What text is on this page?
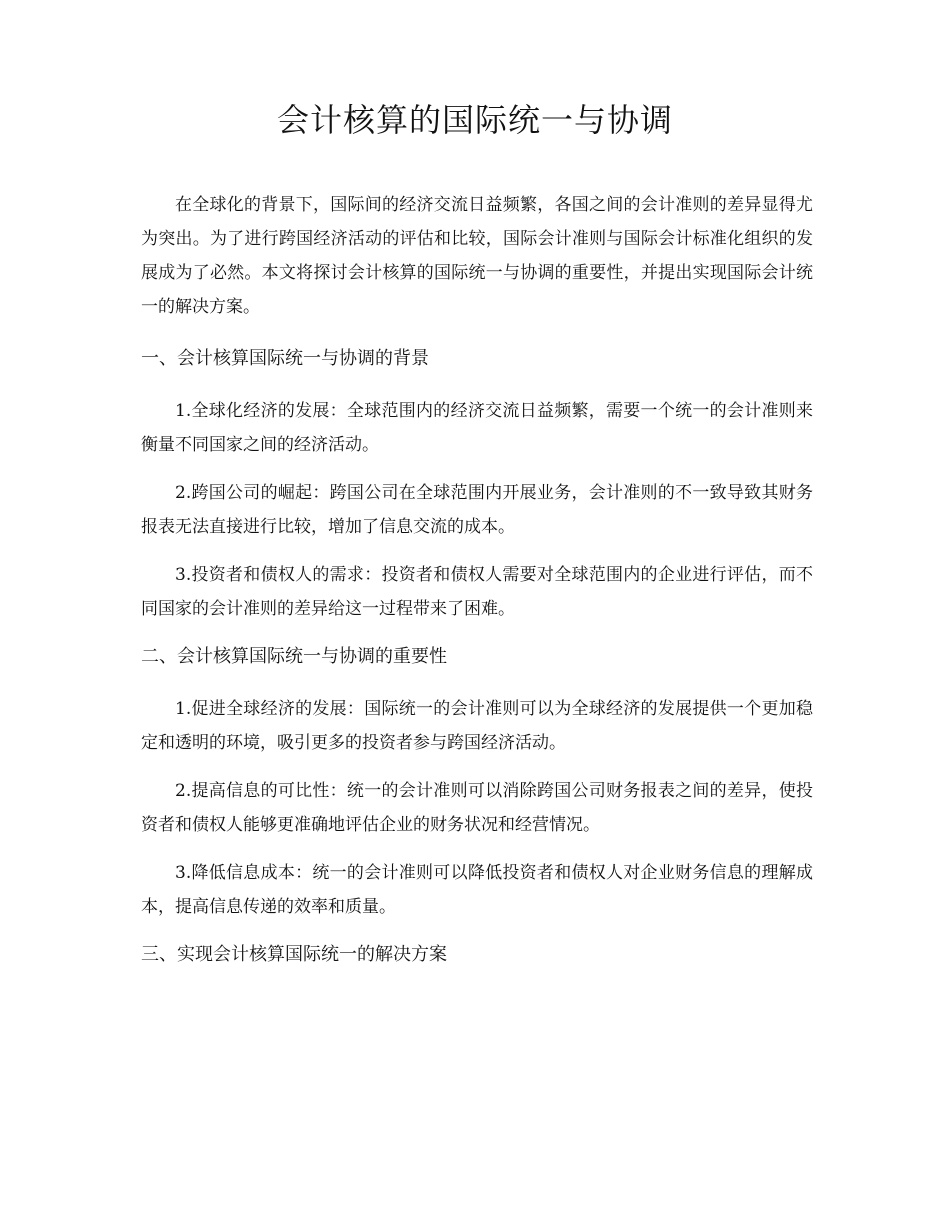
会计核算的国际统一与协调

在全球化的背景下，国际间的经济交流日益频繁，各国之间的会计准则的差异显得尤为突出。为了进行跨国经济活动的评估和比较，国际会计准则与国际会计标准化组织的发展成为了必然。本文将探讨会计核算的国际统一与协调的重要性，并提出实现国际会计统一的解决方案。

一、会计核算国际统一与协调的背景

1.全球化经济的发展：全球范围内的经济交流日益频繁，需要一个统一的会计准则来衡量不同国家之间的经济活动。

2.跨国公司的崛起：跨国公司在全球范围内开展业务，会计准则的不一致导致其财务报表无法直接进行比较，增加了信息交流的成本。

3.投资者和债权人的需求：投资者和债权人需要对全球范围内的企业进行评估，而不同国家的会计准则的差异给这一过程带来了困难。

二、会计核算国际统一与协调的重要性

1.促进全球经济的发展：国际统一的会计准则可以为全球经济的发展提供一个更加稳定和透明的环境，吸引更多的投资者参与跨国经济活动。

2.提高信息的可比性：统一的会计准则可以消除跨国公司财务报表之间的差异，使投资者和债权人能够更准确地评估企业的财务状况和经营情况。

3.降低信息成本：统一的会计准则可以降低投资者和债权人对企业财务信息的理解成本，提高信息传递的效率和质量。

三、实现会计核算国际统一的解决方案
